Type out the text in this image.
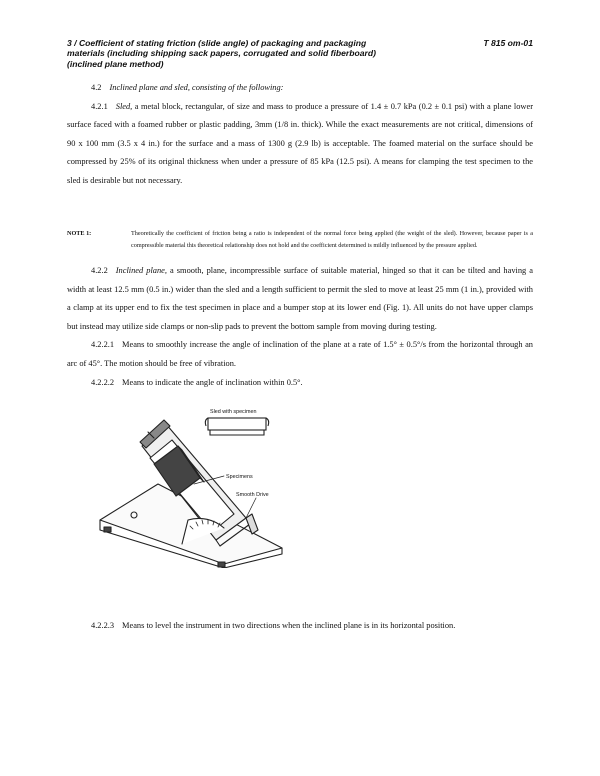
3 / Coefficient of stating friction (slide angle) of packaging and packaging materials (including shipping sack papers, corrugated and solid fiberboard) (inclined plane method)
T 815 om-01

4.2 Inclined plane and sled, consisting of the following:

4.2.1 Sled, a metal block, rectangular, of size and mass to produce a pressure of 1.4 ± 0.7 kPa (0.2 ± 0.1 psi) with a plane lower surface faced with a foamed rubber or plastic padding, 3mm (1/8 in. thick). While the exact measurements are not critical, dimensions of 90 x 100 mm (3.5 x 4 in.) for the surface and a mass of 1300 g (2.9 lb) is acceptable. The foamed material on the surface should be compressed by 25% of its original thickness when under a pressure of 85 kPa (12.5 psi). A means for clamping the test specimen to the sled is desirable but not necessary.

NOTE 1:	Theoretically the coefficient of friction being a ratio is independent of the normal force being applied (the weight of the sled). However, because paper is a compressible material this theoretical relationship does not hold and the coefficient determined is mildly influenced by the pressure applied.

4.2.2 Inclined plane, a smooth, plane, incompressible surface of suitable material, hinged so that it can be tilted and having a width at least 12.5 mm (0.5 in.) wider than the sled and a length sufficient to permit the sled to move at least 25 mm (1 in.), provided with a clamp at its upper end to fix the test specimen in place and a bumper stop at its lower end (Fig. 1). All units do not have upper clamps but instead may utilize side clamps or non-slip pads to prevent the bottom sample from moving during testing.

4.2.2.1 Means to smoothly increase the angle of inclination of the plane at a rate of 1.5° ± 0.5°/s from the horizontal through an arc of 45°. The motion should be free of vibration.

4.2.2.2 Means to indicate the angle of inclination within 0.5°.

Sled with specimen
Specimens
Smooth Drive

4.2.2.3 Means to level the instrument in two directions when the inclined plane is in its horizontal position.
